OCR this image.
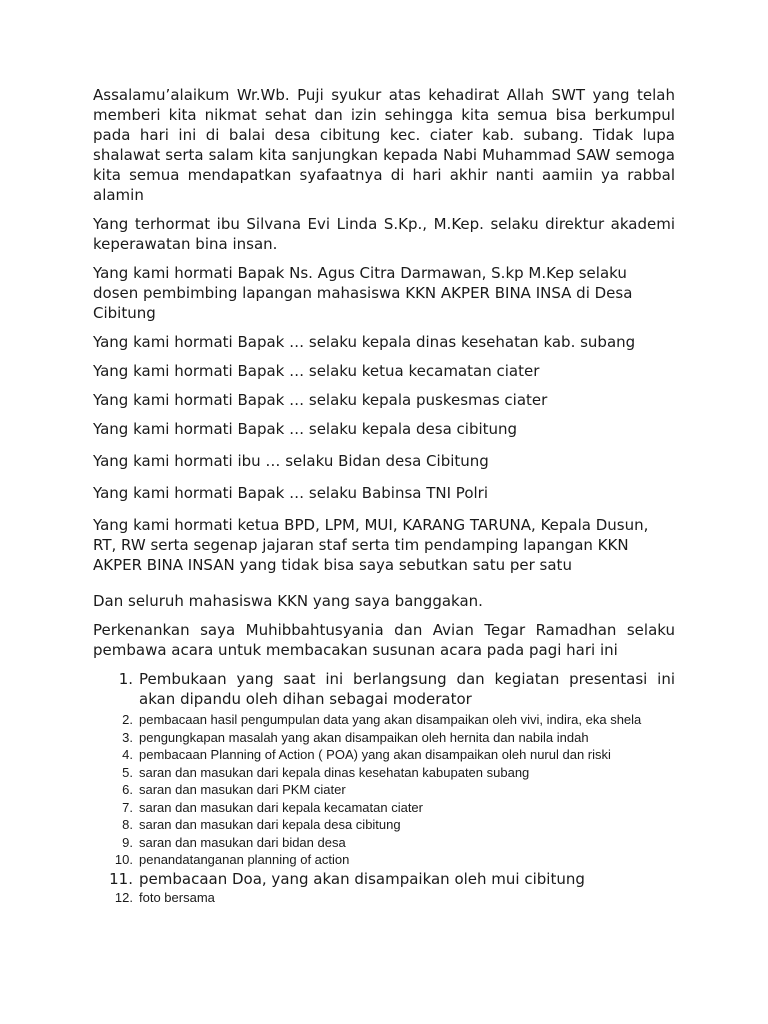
Assalamu’alaikum Wr.Wb. Puji syukur atas kehadirat Allah SWT yang telah memberi kita nikmat sehat dan izin sehingga kita semua bisa berkumpul pada hari ini di balai desa cibitung kec. ciater kab. subang. Tidak lupa shalawat serta salam kita sanjungkan kepada Nabi Muhammad SAW semoga kita semua mendapatkan syafaatnya di hari akhir nanti aamiin ya rabbal alamin

Yang terhormat ibu Silvana Evi Linda S.Kp., M.Kep. selaku direktur akademi keperawatan bina insan.

Yang kami hormati Bapak Ns. Agus Citra Darmawan, S.kp M.Kep selaku dosen pembimbing lapangan mahasiswa KKN AKPER BINA INSA di Desa Cibitung

Yang kami hormati Bapak … selaku kepala dinas kesehatan kab. subang

Yang kami hormati Bapak … selaku ketua kecamatan ciater

Yang kami hormati Bapak … selaku kepala puskesmas ciater

Yang kami hormati Bapak … selaku kepala desa cibitung

Yang kami hormati ibu … selaku Bidan desa Cibitung

Yang kami hormati Bapak … selaku Babinsa TNI Polri

Yang kami hormati ketua BPD, LPM, MUI, KARANG TARUNA, Kepala Dusun, RT, RW serta segenap jajaran staf serta tim pendamping lapangan KKN AKPER BINA INSAN yang tidak bisa saya sebutkan satu per satu

Dan seluruh mahasiswa KKN yang saya banggakan.

Perkenankan saya Muhibbahtusyania dan Avian Tegar Ramadhan selaku pembawa acara untuk membacakan susunan acara pada pagi hari ini

1. Pembukaan yang saat ini berlangsung dan kegiatan presentasi ini akan dipandu oleh dihan sebagai moderator
2. pembacaan hasil pengumpulan data yang akan disampaikan oleh vivi, indira, eka shela
3. pengungkapan masalah yang akan disampaikan oleh hernita dan nabila indah
4. pembacaan Planning of Action ( POA) yang akan disampaikan oleh nurul dan riski
5. saran dan masukan dari kepala dinas kesehatan kabupaten subang
6. saran dan masukan dari PKM ciater
7. saran dan masukan dari kepala kecamatan ciater
8. saran dan masukan dari kepala desa cibitung
9. saran dan masukan dari bidan desa
10. penandatanganan planning of action
11. pembacaan Doa, yang akan disampaikan oleh mui cibitung
12. foto bersama
